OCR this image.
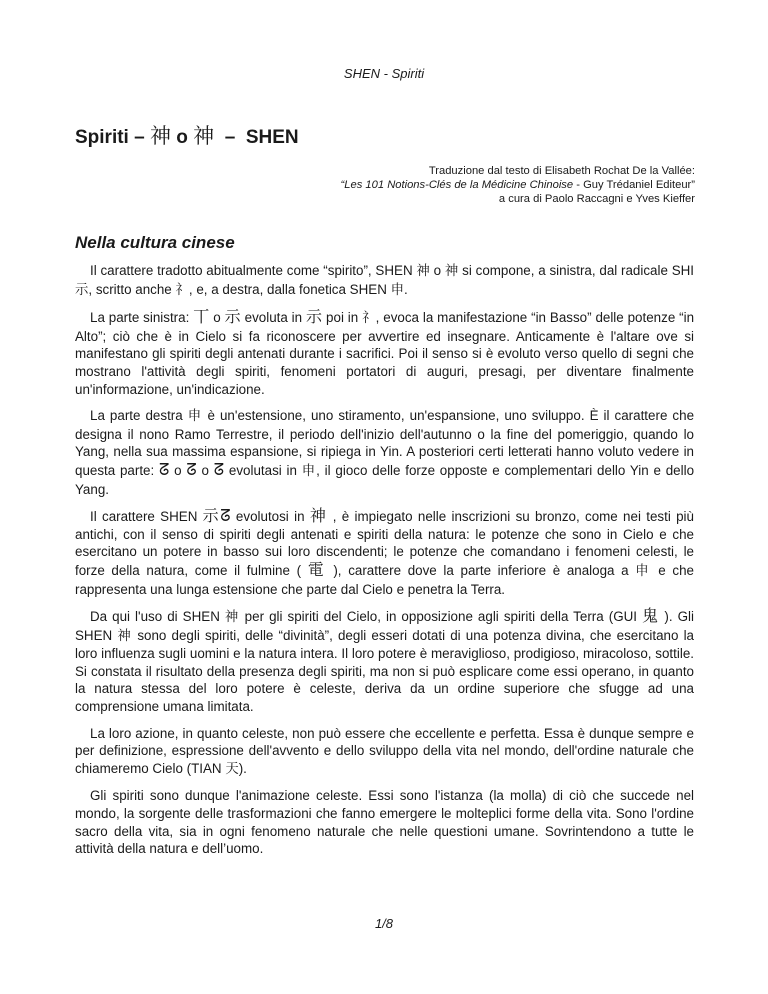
SHEN - Spiriti
Spiriti – 神 o 神 – SHEN
Traduzione dal testo di Elisabeth Rochat De la Vallée:
“Les 101 Notions-Clés de la Médicine Chinoise - Guy Trédaniel Editeur”
a cura di Paolo Raccagni e Yves Kieffer
Nella cultura cinese

Il carattere tradotto abitualmente come “spirito”, SHEN 神 o 神 si compone, a sinistra, dal radicale SHI 示, scritto anche 礻, e, a destra, dalla fonetica SHEN 申.

La parte sinistra: 丅 o 示 evoluta in 示 poi in 礻, evoca la manifestazione “in Basso” delle potenze “in Alto”; ciò che è in Cielo si fa riconoscere per avvertire ed insegnare. Anticamente è l'altare ove si manifestano gli spiriti degli antenati durante i sacrifici. Poi il senso si è evoluto verso quello di segni che mostrano l'attività degli spiriti, fenomeni portatori di auguri, presagi, per diventare finalmente un'informazione, un'indicazione.

La parte destra 申 è un'estensione, uno stiramento, un'espansione, uno sviluppo. È il carattere che designa il nono Ramo Terrestre, il periodo dell'inizio dell'autunno o la fine del pomeriggio, quando lo Yang, nella sua massima espansione, si ripiega in Yin. A posteriori certi letterati hanno voluto vedere in questa parte: ᘔ o ᘔ o ᘔ evolutasi in 申, il gioco delle forze opposte e complementari dello Yin e dello Yang.

Il carattere SHEN 示ᘔ evolutosi in 神 , è impiegato nelle inscrizioni su bronzo, come nei testi più antichi, con il senso di spiriti degli antenati e spiriti della natura: le potenze che sono in Cielo e che esercitano un potere in basso sui loro discendenti; le potenze che comandano i fenomeni celesti, le forze della natura, come il fulmine ( 電 ), carattere dove la parte inferiore è analoga a 申 e che rappresenta una lunga estensione che parte dal Cielo e penetra la Terra.

Da qui l'uso di SHEN 神 per gli spiriti del Cielo, in opposizione agli spiriti della Terra (GUI 鬼 ). Gli SHEN 神 sono degli spiriti, delle “divinità”, degli esseri dotati di una potenza divina, che esercitano la loro influenza sugli uomini e la natura intera. Il loro potere è meraviglioso, prodigioso, miracoloso, sottile. Si constata il risultato della presenza degli spiriti, ma non si può esplicare come essi operano, in quanto la natura stessa del loro potere è celeste, deriva da un ordine superiore che sfugge ad una comprensione umana limitata.

La loro azione, in quanto celeste, non può essere che eccellente e perfetta. Essa è dunque sempre e per definizione, espressione dell'avvento e dello sviluppo della vita nel mondo, dell'ordine naturale che chiameremo Cielo (TIAN 天).

Gli spiriti sono dunque l'animazione celeste. Essi sono l'istanza (la molla) di ciò che succede nel mondo, la sorgente delle trasformazioni che fanno emergere le molteplici forme della vita. Sono l'ordine sacro della vita, sia in ogni fenomeno naturale che nelle questioni umane. Sovrintendono a tutte le attività della natura e dell’uomo.

1/8
